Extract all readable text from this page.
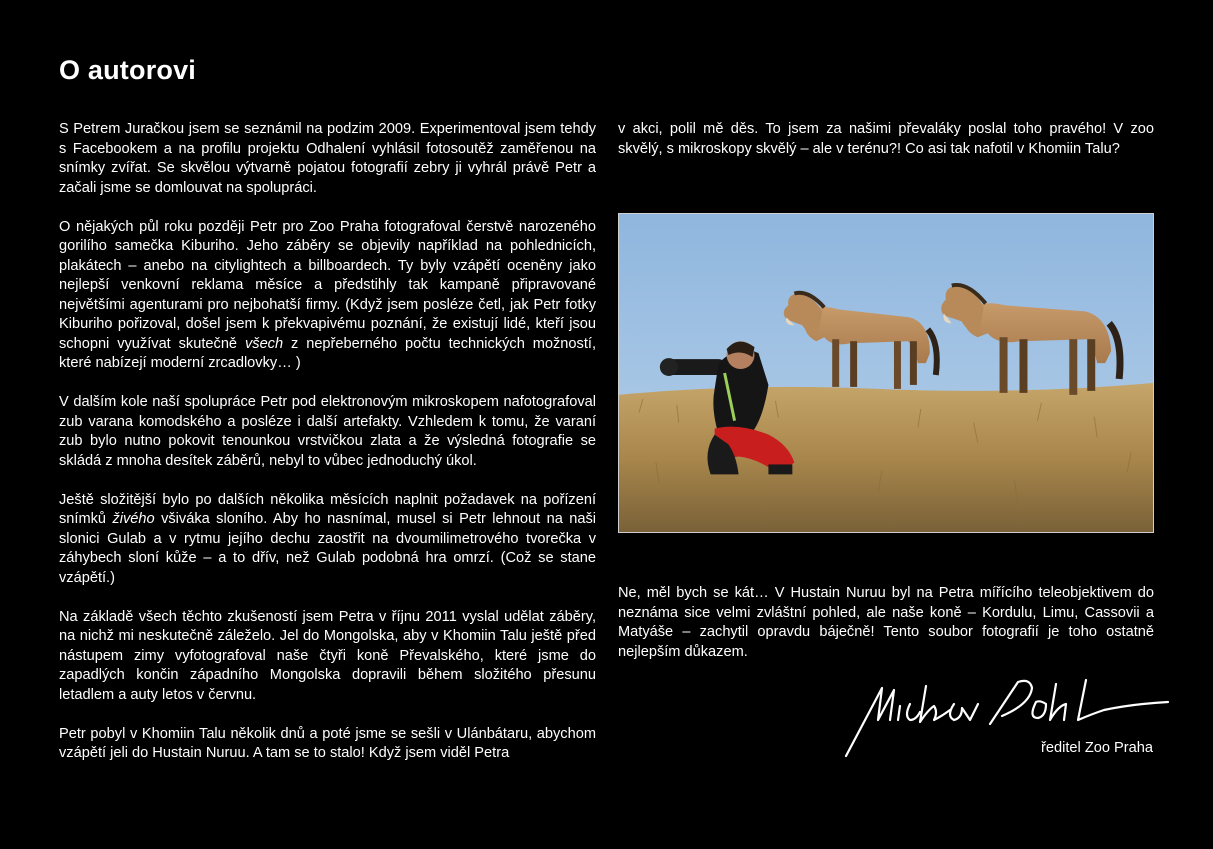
O autorovi

S Petrem Juračkou jsem se seznámil na podzim 2009. Experimentoval jsem tehdy s Facebookem a na profilu projektu Odhalení vyhlásil fotosoutěž zaměřenou na snímky zvířat. Se skvělou výtvarně pojatou fotografií zebry ji vyhrál právě Petr a začali jsme se domlouvat na spolupráci.

O nějakých půl roku později Petr pro Zoo Praha fotografoval čerstvě narozeného gorilího samečka Kiburiho. Jeho záběry se objevily například na pohlednicích, plakátech – anebo na citylightech a billboardech. Ty byly vzápětí oceněny jako nejlepší venkovní reklama měsíce a předstihly tak kampaně připravované největšími agenturami pro nejbohatší firmy. (Když jsem posléze četl, jak Petr fotky Kiburiho pořizoval, došel jsem k překvapivému poznání, že existují lidé, kteří jsou schopni využívat skutečně všech z nepřeberného počtu technických možností, které nabízejí moderní zrcadlovky… )

V dalším kole naší spolupráce Petr pod elektronovým mikroskopem nafotografoval zub varana komodského a posléze i další artefakty. Vzhledem k tomu, že varaní zub bylo nutno pokovit tenounkou vrstvičkou zlata a že výsledná fotografie se skládá z mnoha desítek záběrů, nebyl to vůbec jednoduchý úkol.

Ještě složitější bylo po dalších několika měsících naplnit požadavek na pořízení snímků živého všiváka sloního. Aby ho nasnímal, musel si Petr lehnout na naši slonici Gulab a v rytmu jejího dechu zaostřit na dvoumilimetrového tvorečka v záhybech sloní kůže – a to dřív, než Gulab podobná hra omrzí. (Což se stane vzápětí.)

Na základě všech těchto zkušeností jsem Petra v říjnu 2011 vyslal udělat záběry, na nichž mi neskutečně záleželo. Jel do Mongolska, aby v Khomiin Talu ještě před nástupem zimy vyfotografoval naše čtyři koně Převalského, které jsme do zapadlých končin západního Mongolska dopravili během složitého přesunu letadlem a auty letos v červnu.

Petr pobyl v Khomiin Talu několik dnů a poté jsme se sešli v Ulánbátaru, abychom vzápětí jeli do Hustain Nuruu. A tam se to stalo! Když jsem viděl Petra

v akci, polil mě děs. To jsem za našimi převaláky poslal toho pravého! V zoo skvělý, s mikroskopy skvělý – ale v terénu?! Co asi tak nafotil v Khomiin Talu?

Ne, měl bych se kát… V Hustain Nuruu byl na Petra mířícího teleobjektivem do neznáma sice velmi zvláštní pohled, ale naše koně – Kordulu, Limu, Cassovii a Matyáše – zachytil opravdu báječně! Tento soubor fotografií je toho ostatně nejlepším důkazem.

ředitel Zoo Praha
